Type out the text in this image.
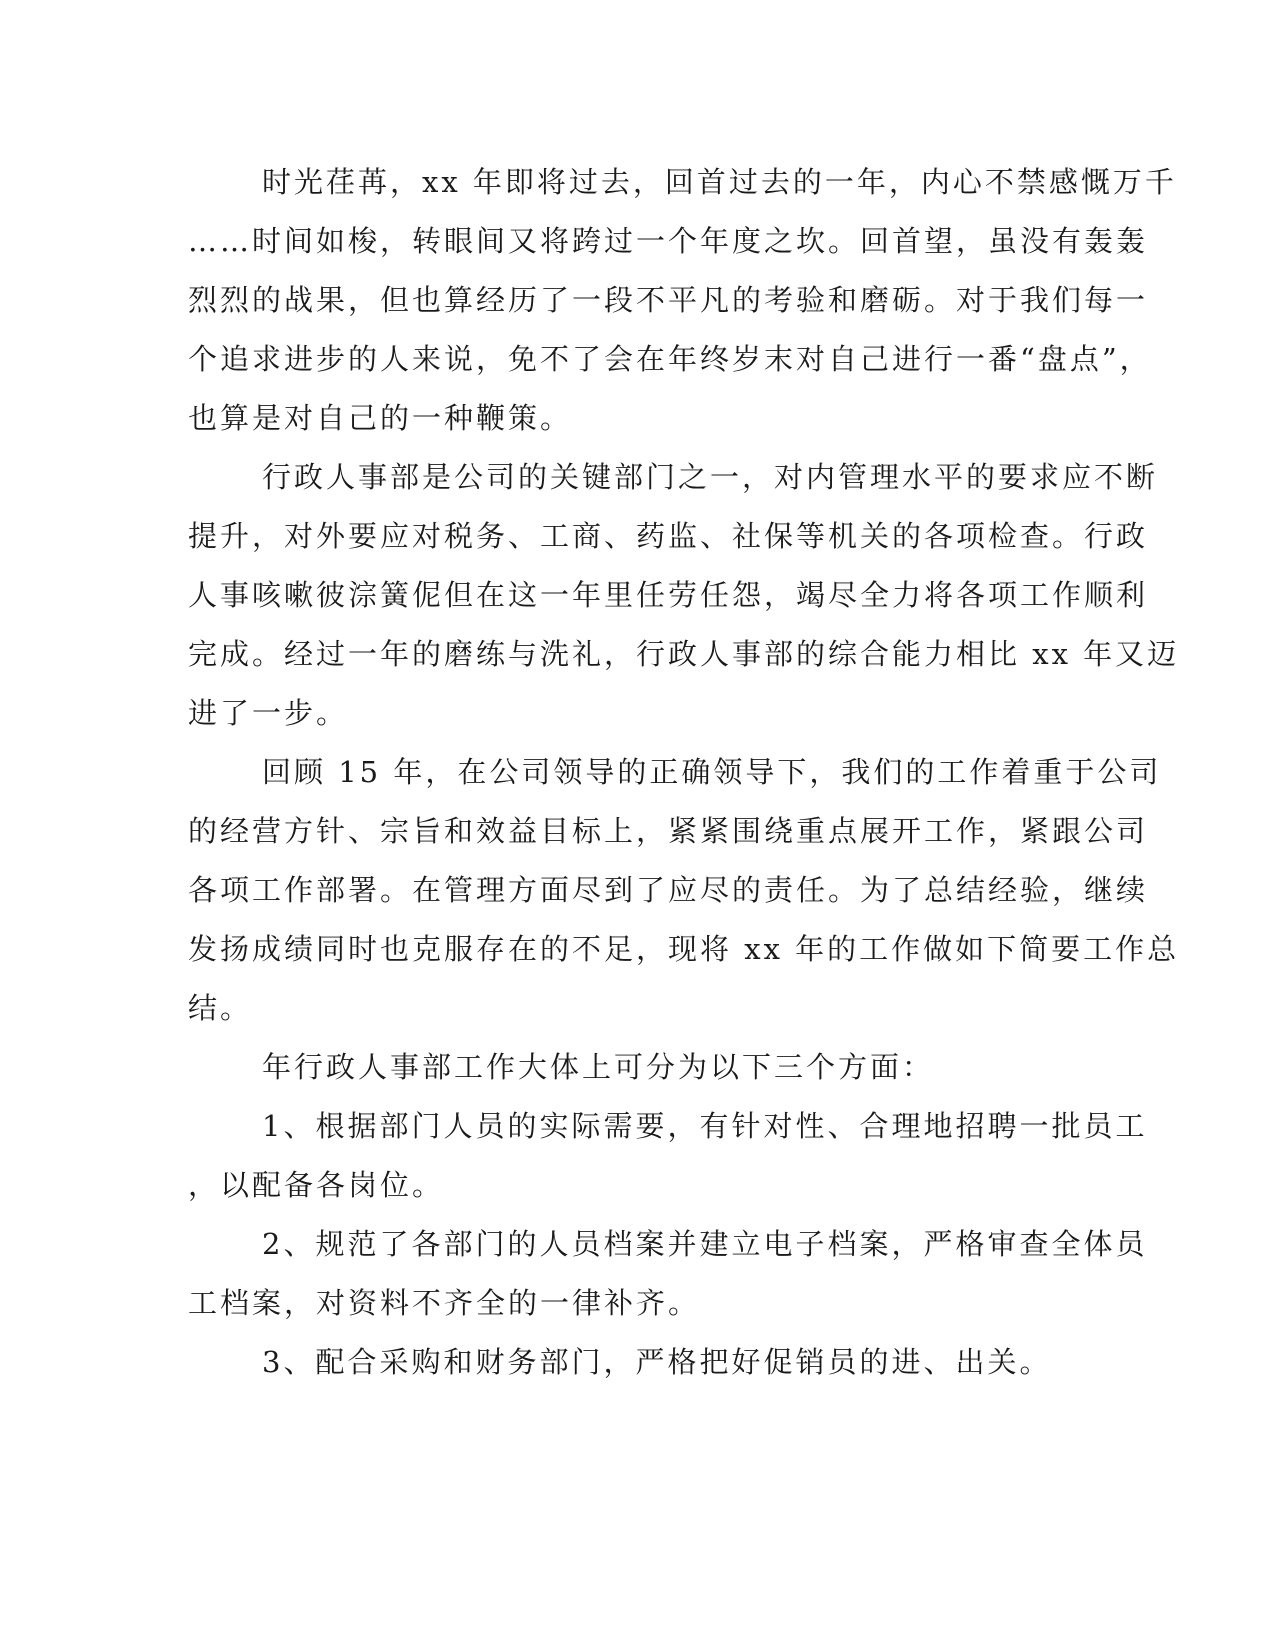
时光荏苒，xx 年即将过去，回首过去的一年，内心不禁感慨万千

……时间如梭，转眼间又将跨过一个年度之坎。回首望，虽没有轰轰

烈烈的战果，但也算经历了一段不平凡的考验和磨砺。对于我们每一

个追求进步的人来说，免不了会在年终岁末对自己进行一番“盘点”，

也算是对自己的一种鞭策。

行政人事部是公司的关键部门之一，对内管理水平的要求应不断

提升，对外要应对税务、工商、药监、社保等机关的各项检查。行政

人事咳嗽彼淙簧伲但在这一年里任劳任怨，竭尽全力将各项工作顺利

完成。经过一年的磨练与洗礼，行政人事部的综合能力相比 xx 年又迈

进了一步。

回顾 15 年，在公司领导的正确领导下，我们的工作着重于公司

的经营方针、宗旨和效益目标上，紧紧围绕重点展开工作，紧跟公司

各项工作部署。在管理方面尽到了应尽的责任。为了总结经验，继续

发扬成绩同时也克服存在的不足，现将 xx 年的工作做如下简要工作总

结。

年行政人事部工作大体上可分为以下三个方面：

1、根据部门人员的实际需要，有针对性、合理地招聘一批员工

，以配备各岗位。

2、规范了各部门的人员档案并建立电子档案，严格审查全体员

工档案，对资料不齐全的一律补齐。

3、配合采购和财务部门，严格把好促销员的进、出关。
